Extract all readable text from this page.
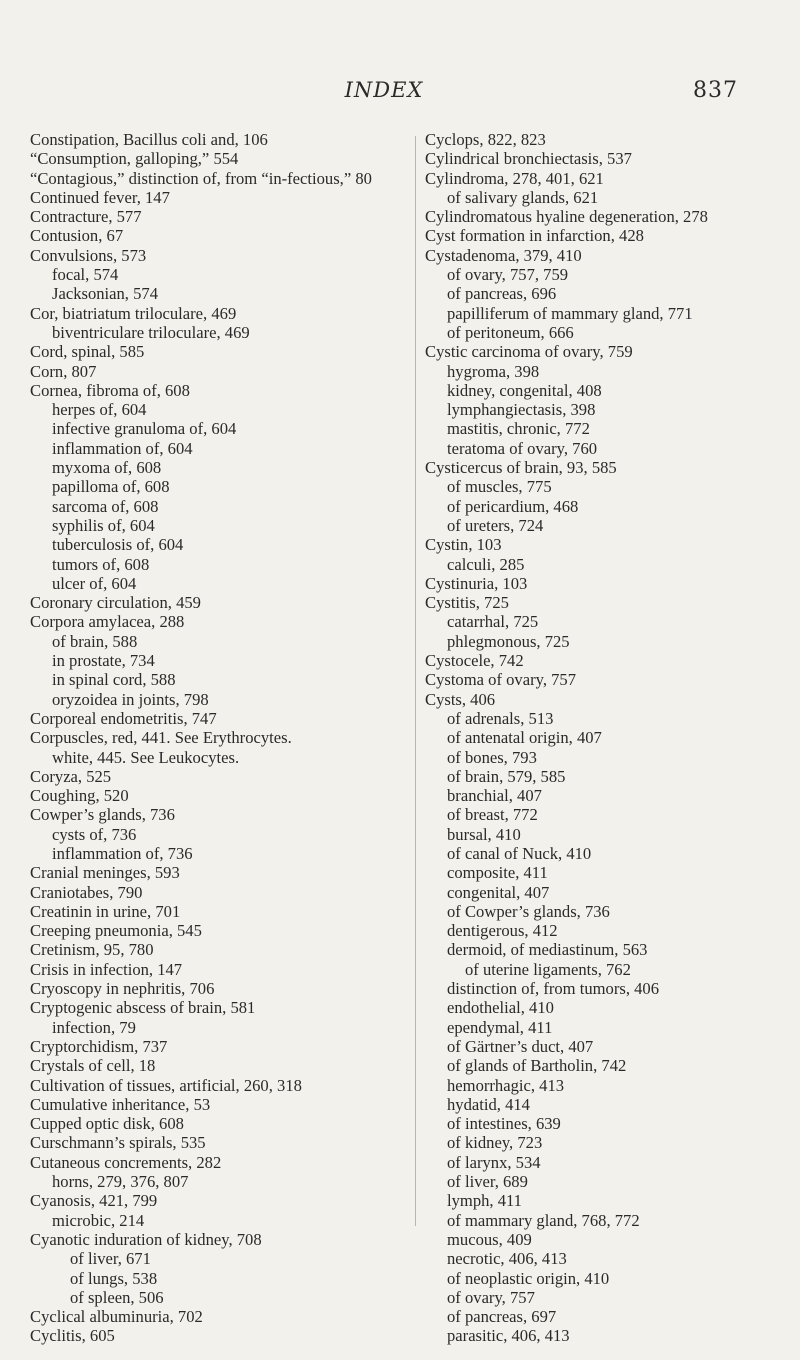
INDEX	837
Constipation, Bacillus coli and, 106
“Consumption, galloping,” 554
“Contagious,” distinction of, from “in-fectious,” 80
Continued fever, 147
Contracture, 577
Contusion, 67
Convulsions, 573
focal, 574
Jacksonian, 574
Cor, biatriatum triloculare, 469
biventriculare triloculare, 469
Cord, spinal, 585
Corn, 807
Cornea, fibroma of, 608
herpes of, 604
infective granuloma of, 604
inflammation of, 604
myxoma of, 608
papilloma of, 608
sarcoma of, 608
syphilis of, 604
tuberculosis of, 604
tumors of, 608
ulcer of, 604
Coronary circulation, 459
Corpora amylacea, 288
of brain, 588
in prostate, 734
in spinal cord, 588
oryzoidea in joints, 798
Corporeal endometritis, 747
Corpuscles, red, 441. See Erythrocytes.
white, 445. See Leukocytes.
Coryza, 525
Coughing, 520
Cowper’s glands, 736
cysts of, 736
inflammation of, 736
Cranial meninges, 593
Craniotabes, 790
Creatinin in urine, 701
Creeping pneumonia, 545
Cretinism, 95, 780
Crisis in infection, 147
Cryoscopy in nephritis, 706
Cryptogenic abscess of brain, 581
infection, 79
Cryptorchidism, 737
Crystals of cell, 18
Cultivation of tissues, artificial, 260, 318
Cumulative inheritance, 53
Cupped optic disk, 608
Curschmann’s spirals, 535
Cutaneous concrements, 282
horns, 279, 376, 807
Cyanosis, 421, 799
microbic, 214
Cyanotic induration of kidney, 708
of liver, 671
of lungs, 538
of spleen, 506
Cyclical albuminuria, 702
Cyclitis, 605
Cyclops, 822, 823
Cylindrical bronchiectasis, 537
Cylindroma, 278, 401, 621
of salivary glands, 621
Cylindromatous hyaline degeneration, 278
Cyst formation in infarction, 428
Cystadenoma, 379, 410
of ovary, 757, 759
of pancreas, 696
papilliferum of mammary gland, 771
of peritoneum, 666
Cystic carcinoma of ovary, 759
hygroma, 398
kidney, congenital, 408
lymphangiectasis, 398
mastitis, chronic, 772
teratoma of ovary, 760
Cysticercus of brain, 93, 585
of muscles, 775
of pericardium, 468
of ureters, 724
Cystin, 103
calculi, 285
Cystinuria, 103
Cystitis, 725
catarrhal, 725
phlegmonous, 725
Cystocele, 742
Cystoma of ovary, 757
Cysts, 406
of adrenals, 513
of antenatal origin, 407
of bones, 793
of brain, 579, 585
branchial, 407
of breast, 772
bursal, 410
of canal of Nuck, 410
composite, 411
congenital, 407
of Cowper’s glands, 736
dentigerous, 412
dermoid, of mediastinum, 563
of uterine ligaments, 762
distinction of, from tumors, 406
endothelial, 410
ependymal, 411
of Gärtner’s duct, 407
of glands of Bartholin, 742
hemorrhagic, 413
hydatid, 414
of intestines, 639
of kidney, 723
of larynx, 534
of liver, 689
lymph, 411
of mammary gland, 768, 772
mucous, 409
necrotic, 406, 413
of neoplastic origin, 410
of ovary, 757
of pancreas, 697
parasitic, 406, 413
